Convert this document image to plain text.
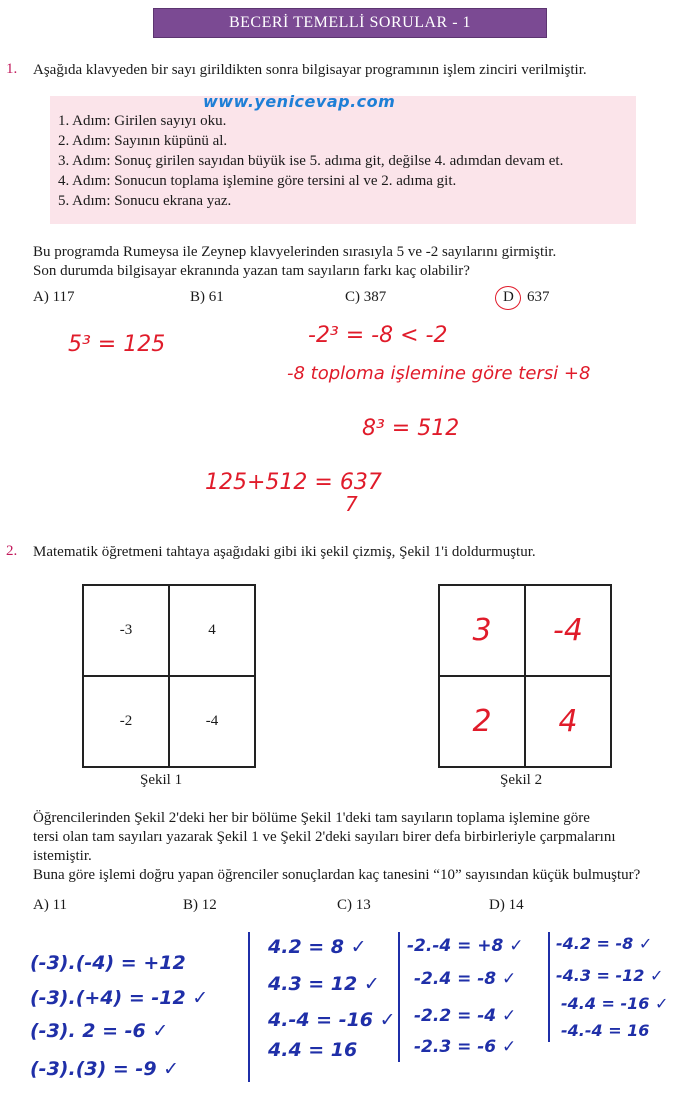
BECERİ TEMELLİ SORULAR - 1
1. Aşağıda klavyeden bir sayı girildikten sonra bilgisayar programının işlem zinciri verilmiştir.
www.yenicevap.com
1. Adım: Girilen sayıyı oku.
2. Adım: Sayının küpünü al.
3. Adım: Sonuç girilen sayıdan büyük ise 5. adıma git, değilse 4. adımdan devam et.
4. Adım: Sonucun toplama işlemine göre tersini al ve 2. adıma git.
5. Adım: Sonucu ekrana yaz.
Bu programda Rumeysa ile Zeynep klavyelerinden sırasıyla 5 ve -2 sayılarını girmiştir.
Son durumda bilgisayar ekranında yazan tam sayıların farkı kaç olabilir?
A) 117	B) 61	C) 387	D 637
5³ = 125	-2³ = -8 < -2
-8 toploma işlemine göre tersi +8
8³ = 512
125+512 = 637
7
2. Matematik öğretmeni tahtaya aşağıdaki gibi iki şekil çizmiş, Şekil 1'i doldurmuştur.
-3	4
-2	-4
Şekil 1
3	-4
2	4
Şekil 2
Öğrencilerinden Şekil 2'deki her bir bölüme Şekil 1'deki tam sayıların toplama işlemine göre
tersi olan tam sayıları yazarak Şekil 1 ve Şekil 2'deki sayıları birer defa birbirleriyle çarpmalarını
istemiştir.
Buna göre işlemi doğru yapan öğrenciler sonuçlardan kaç tanesini “10” sayısından küçük bulmuştur?
A) 11	B) 12	C) 13	D) 14
(-3).(-4) = +12
(-3).(+4) = -12 ✓
(-3). 2 = -6 ✓
(-3).(3) = -9 ✓
4.2 = 8 ✓
4.3 = 12 ✓
4.-4 = -16 ✓
4.4 = 16
-2.-4 = +8 ✓
-2.4 = -8 ✓
-2.2 = -4 ✓
-2.3 = -6 ✓
-4.2 = -8 ✓
-4.3 = -12 ✓
-4.4 = -16 ✓
-4.-4 = 16
